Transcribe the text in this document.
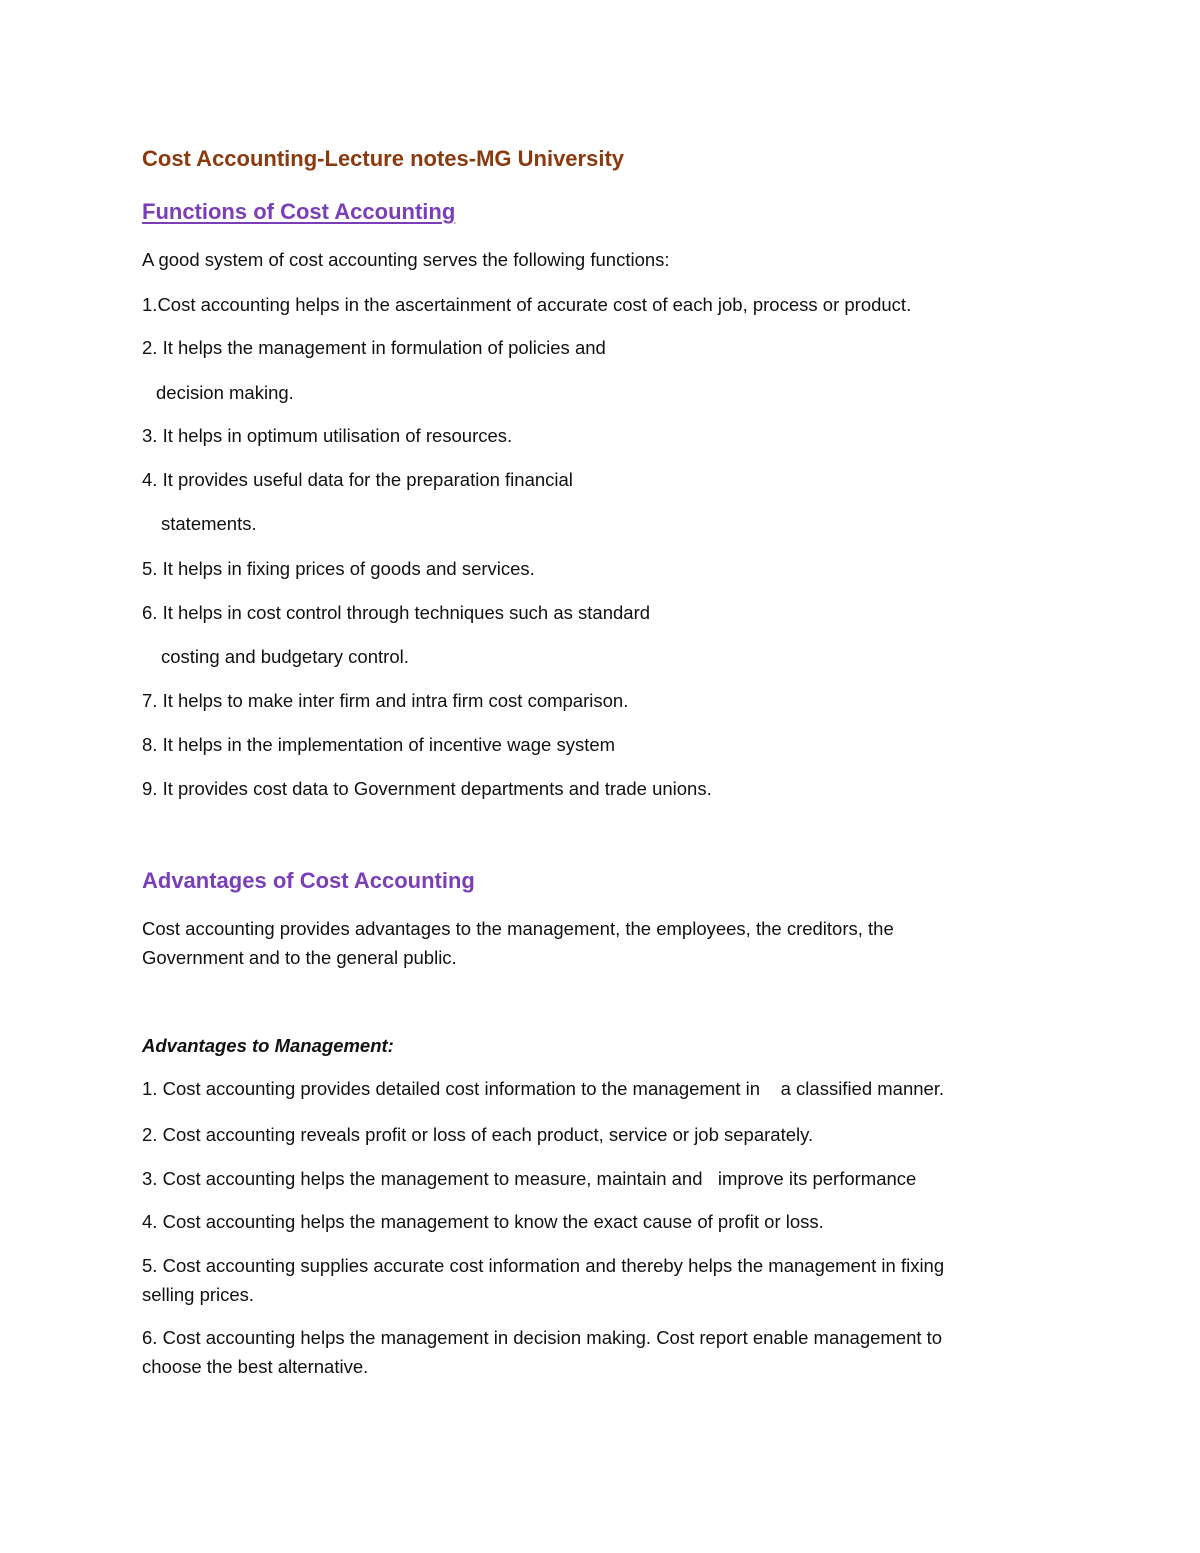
Cost Accounting-Lecture notes-MG University

Functions of Cost Accounting

A good system of cost accounting serves the following functions:

1.Cost accounting helps in the ascertainment of accurate cost of each job, process or product.

2. It helps the management in formulation of policies and

decision making.

3. It helps in optimum utilisation of resources.

4. It provides useful data for the preparation financial

statements.

5. It helps in fixing prices of goods and services.

6. It helps in cost control through techniques such as standard

costing and budgetary control.

7. It helps to make inter firm and intra firm cost comparison.

8. It helps in the implementation of incentive wage system

9. It provides cost data to Government departments and trade unions.

Advantages of Cost Accounting

Cost accounting provides advantages to the management, the employees, the creditors, the

Government and to the general public.

Advantages to Management:

1. Cost accounting provides detailed cost information to the management in    a classified manner.

2. Cost accounting reveals profit or loss of each product, service or job separately.

3. Cost accounting helps the management to measure, maintain and   improve its performance

4. Cost accounting helps the management to know the exact cause of profit or loss.

5. Cost accounting supplies accurate cost information and thereby helps the management in fixing

selling prices.

6. Cost accounting helps the management in decision making. Cost report enable management to

choose the best alternative.
